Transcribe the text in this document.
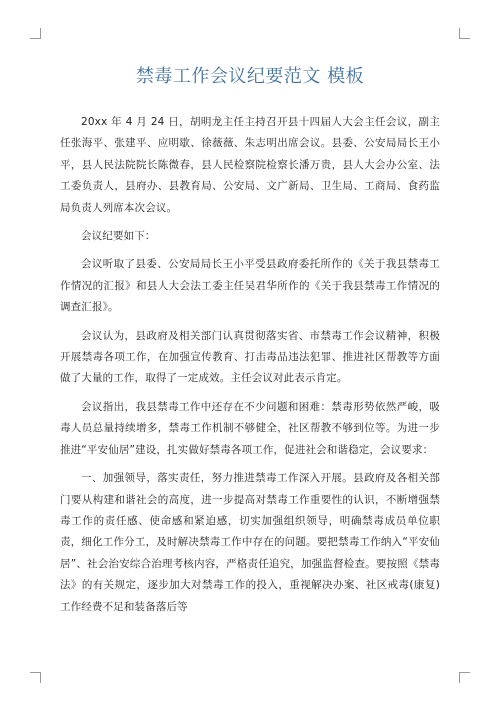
禁毒工作会议纪要范文 模板

20xx 年 4 月 24 日，胡明龙主任主持召开县十四届人大会主任会议，副主任张海平、张建平、应明歇、徐薇薇、朱志明出席会议。县委、公安局局长王小平，县人民法院院长陈微春，县人民检察院检察长潘万贵，县人大会办公室、法工委负责人，县府办、县教育局、公安局、文广新局、卫生局、工商局、食药监局负责人列席本次会议。

会议纪要如下：

会议听取了县委、公安局局长王小平受县政府委托所作的《关于我县禁毒工作情况的汇报》和县人大会法工委主任吴君华所作的《关于我县禁毒工作情况的调查汇报》。

会议认为，县政府及相关部门认真贯彻落实省、市禁毒工作会议精神，积极开展禁毒各项工作，在加强宣传教育、打击毒品违法犯罪、推进社区帮教等方面做了大量的工作，取得了一定成效。主任会议对此表示肯定。

会议指出，我县禁毒工作中还存在不少问题和困难：禁毒形势依然严峻，吸毒人员总量持续增多，禁毒工作机制不够健全，社区帮教不够到位等。为进一步推进“平安仙居”建设，扎实做好禁毒各项工作，促进社会和谐稳定，会议要求：

一、加强领导，落实责任，努力推进禁毒工作深入开展。县政府及各相关部门要从构建和谐社会的高度，进一步提高对禁毒工作重要性的认识，不断增强禁毒工作的责任感、使命感和紧迫感，切实加强组织领导，明确禁毒成员单位职责，细化工作分工，及时解决禁毒工作中存在的问题。要把禁毒工作纳入“平安仙居”、社会治安综合治理考核内容，严格责任追究，加强监督检查。要按照《禁毒法》的有关规定，逐步加大对禁毒工作的投入，重视解决办案、社区戒毒(康复)工作经费不足和装备落后等
